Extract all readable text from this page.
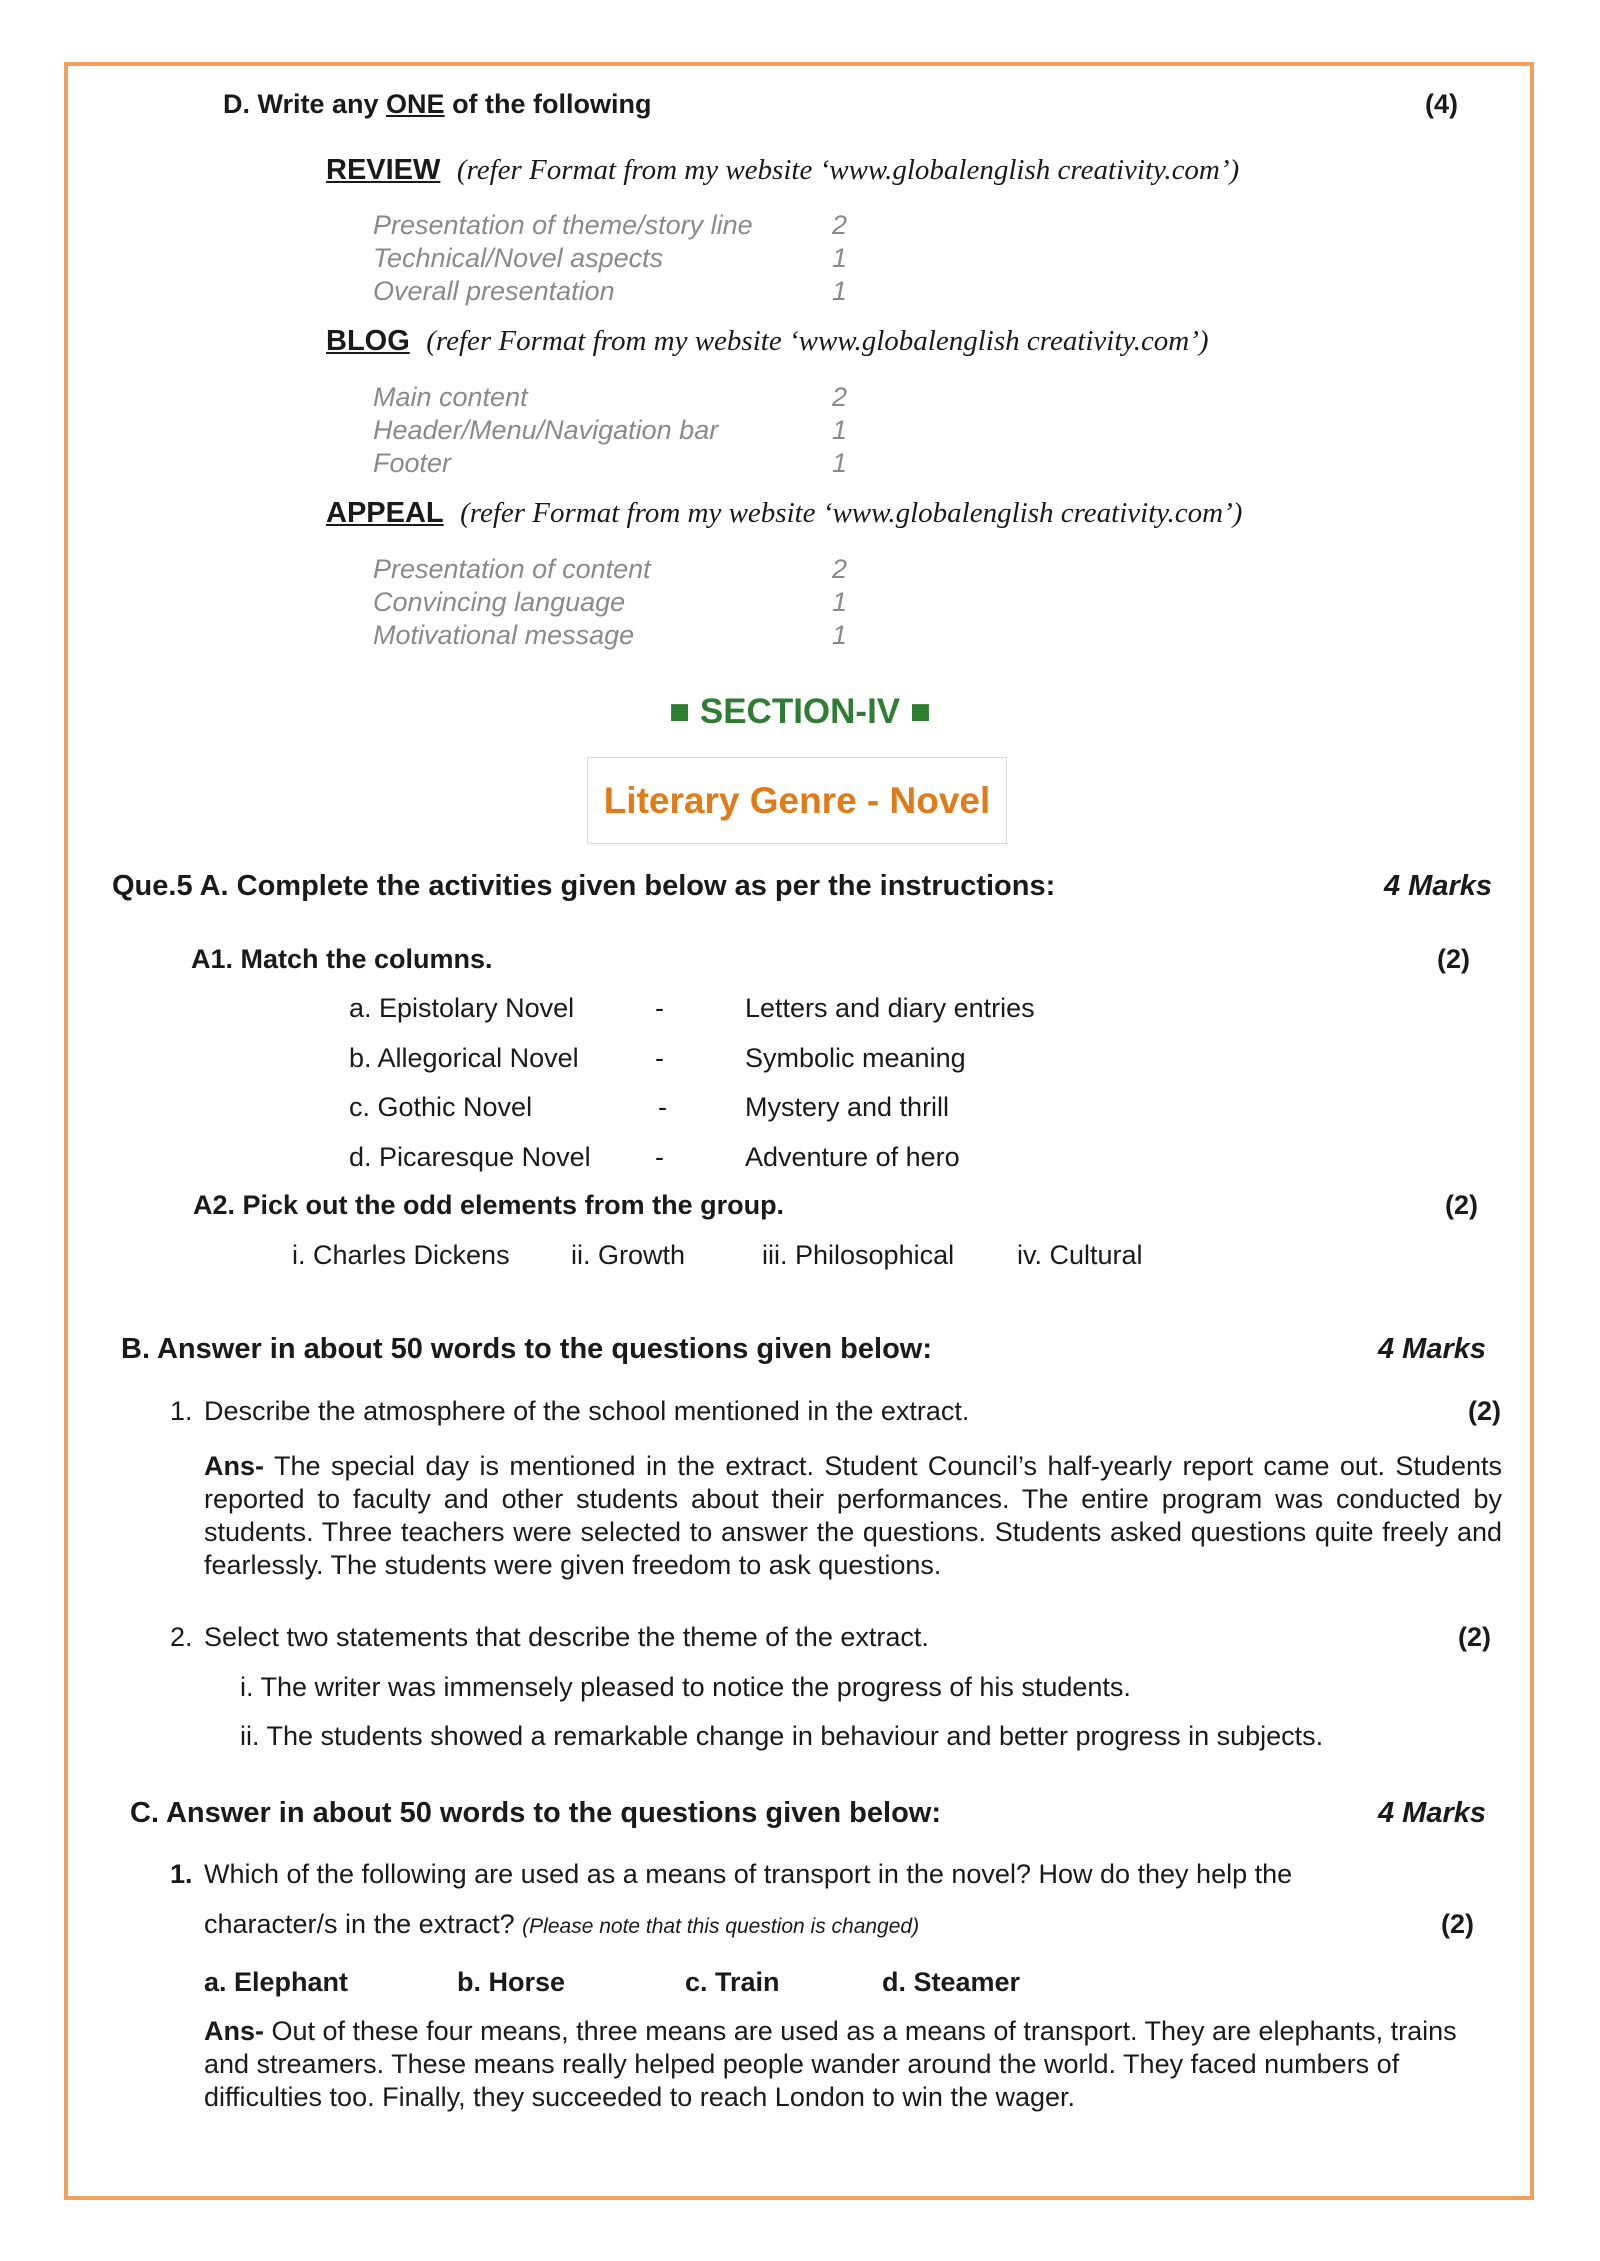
D. Write any ONE of the following	(4)
REVIEW (refer Format from my website ‘www.globalenglish creativity.com’)
Presentation of theme/story line	2
Technical/Novel aspects	1
Overall presentation	1
BLOG (refer Format from my website ‘www.globalenglish creativity.com’)
Main content	2
Header/Menu/Navigation bar	1
Footer	1
APPEAL (refer Format from my website ‘www.globalenglish creativity.com’)
Presentation of content	2
Convincing language	1
Motivational message	1
■ SECTION-IV ■
Literary Genre - Novel
Que.5 A. Complete the activities given below as per the instructions:	4 Marks
A1. Match the columns.	(2)
a. Epistolary Novel	-	Letters and diary entries
b. Allegorical Novel	-	Symbolic meaning
c. Gothic Novel	-	Mystery and thrill
d. Picaresque Novel -	Adventure of hero
A2. Pick out the odd elements from the group.	(2)
i. Charles Dickens ii. Growth	iii. Philosophical iv. Cultural
B. Answer in about 50 words to the questions given below:	4 Marks
1. Describe the atmosphere of the school mentioned in the extract.	(2)
Ans- The special day is mentioned in the extract. Student Council’s half-yearly report came out. Students reported to faculty and other students about their performances. The entire program was conducted by students. Three teachers were selected to answer the questions. Students asked questions quite freely and fearlessly. The students were given freedom to ask questions.
2. Select two statements that describe the theme of the extract.	(2)
i. The writer was immensely pleased to notice the progress of his students.
ii. The students showed a remarkable change in behaviour and better progress in subjects.
C. Answer in about 50 words to the questions given below:	4 Marks
1. Which of the following are used as a means of transport in the novel? How do they help the
character/s in the extract? (Please note that this question is changed)	(2)
a. Elephant	b. Horse	c. Train	d. Steamer
Ans- Out of these four means, three means are used as a means of transport. They are elephants, trains and streamers. These means really helped people wander around the world. They faced numbers of difficulties too. Finally, they succeeded to reach London to win the wager.
